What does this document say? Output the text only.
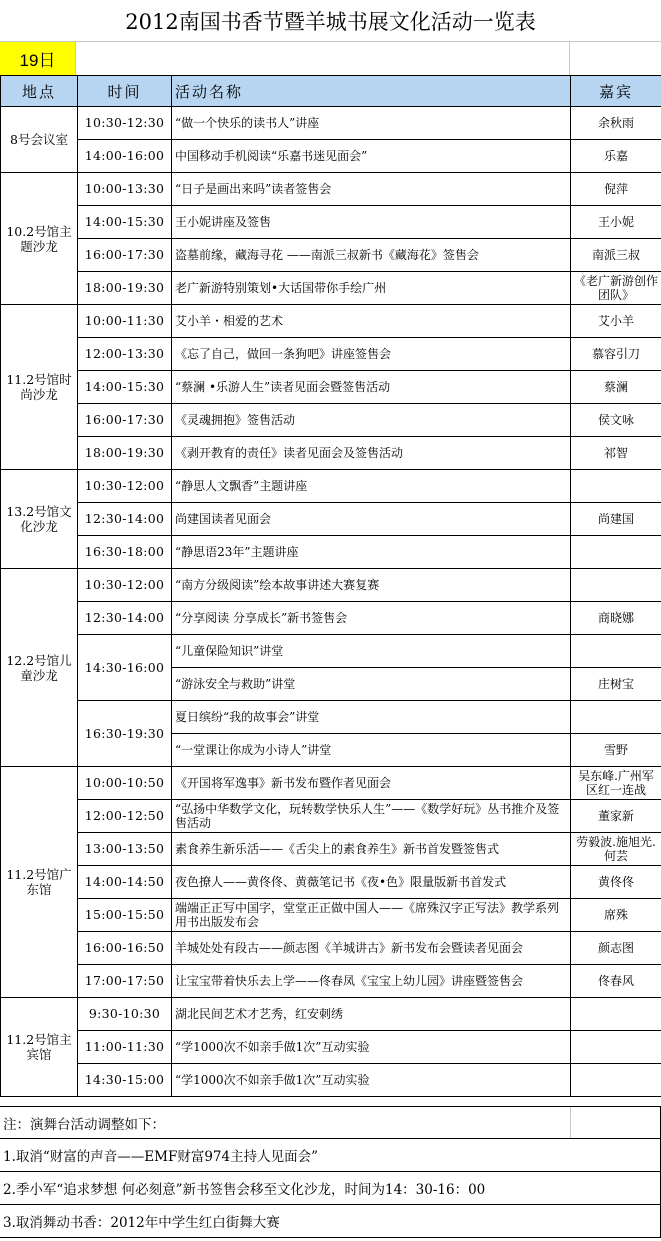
2012南国书香节暨羊城书展文化活动一览表
19日
地点	时间	活动名称	嘉宾
8号会议室	10:30-12:30	“做一个快乐的读书人”讲座	余秋雨
	14:00-16:00	中国移动手机阅读“乐嘉书迷见面会”	乐嘉
10.2号馆主题沙龙	10:00-13:30	“日子是画出来吗”读者签售会	倪萍
	14:00-15:30	王小妮讲座及签售	王小妮
	16:00-17:30	盗墓前缘，藏海寻花 ——南派三叔新书《藏海花》签售会	南派三叔
	18:00-19:30	老广新游特别策划•大话国带你手绘广州	《老广新游创作团队》
11.2号馆时尚沙龙	10:00-11:30	艾小羊・相爱的艺术	艾小羊
	12:00-13:30	《忘了自己，做回一条狗吧》讲座签售会	慕容引刀
	14:00-15:30	“蔡澜 •乐游人生”读者见面会暨签售活动	蔡澜
	16:00-17:30	《灵魂拥抱》签售活动	侯文咏
	18:00-19:30	《剥开教育的责任》读者见面会及签售活动	祁智
13.2号馆文化沙龙	10:30-12:00	“静思人文飘香”主题讲座	
	12:30-14:00	尚建国读者见面会	尚建国
	16:30-18:00	“静思语23年”主题讲座	
12.2号馆儿童沙龙	10:30-12:00	“南方分级阅读”绘本故事讲述大赛复赛	
	12:30-14:00	“分享阅读 分享成长”新书签售会	商晓娜
	14:30-16:00	“儿童保险知识”讲堂	
		“游泳安全与救助”讲堂	庄树宝
	16:30-19:30	夏日缤纷“我的故事会”讲堂	
		“一堂课让你成为小诗人”讲堂	雪野
11.2号馆广东馆	10:00-10:50	《开国将军逸事》新书发布暨作者见面会	吴东峰.广州军区红一连战
	12:00-12:50	“弘扬中华数学文化，玩转数学快乐人生”——《数学好玩》丛书推介及签售活动	董家新
	13:00-13:50	素食养生新乐活——《舌尖上的素食养生》新书首发暨签售式	劳毅波.施旭光.何芸
	14:00-14:50	夜色撩人——黄佟佟、黄薇笔记书《夜•色》限量版新书首发式	黄佟佟
	15:00-15:50	端端正正写中国字，堂堂正正做中国人——《席殊汉字正写法》教学系列用书出版发布会	席殊
	16:00-16:50	羊城处处有段古——颜志图《羊城讲古》新书发布会暨读者见面会	颜志图
	17:00-17:50	让宝宝带着快乐去上学——佟春凤《宝宝上幼儿园》讲座暨签售会	佟春风
11.2号馆主宾馆	9:30-10:30	湖北民间艺术才艺秀，红安刺绣	
	11:00-11:30	“学1000次不如亲手做1次”互动实验	
	14:30-15:00	“学1000次不如亲手做1次”互动实验	
注：演舞台活动调整如下：
1.取消“财富的声音——EMF财富974主持人见面会”
2.季小军“追求梦想 何必刻意”新书签售会移至文化沙龙，时间为14：30-16：00
3.取消舞动书香：2012年中学生红白街舞大赛
